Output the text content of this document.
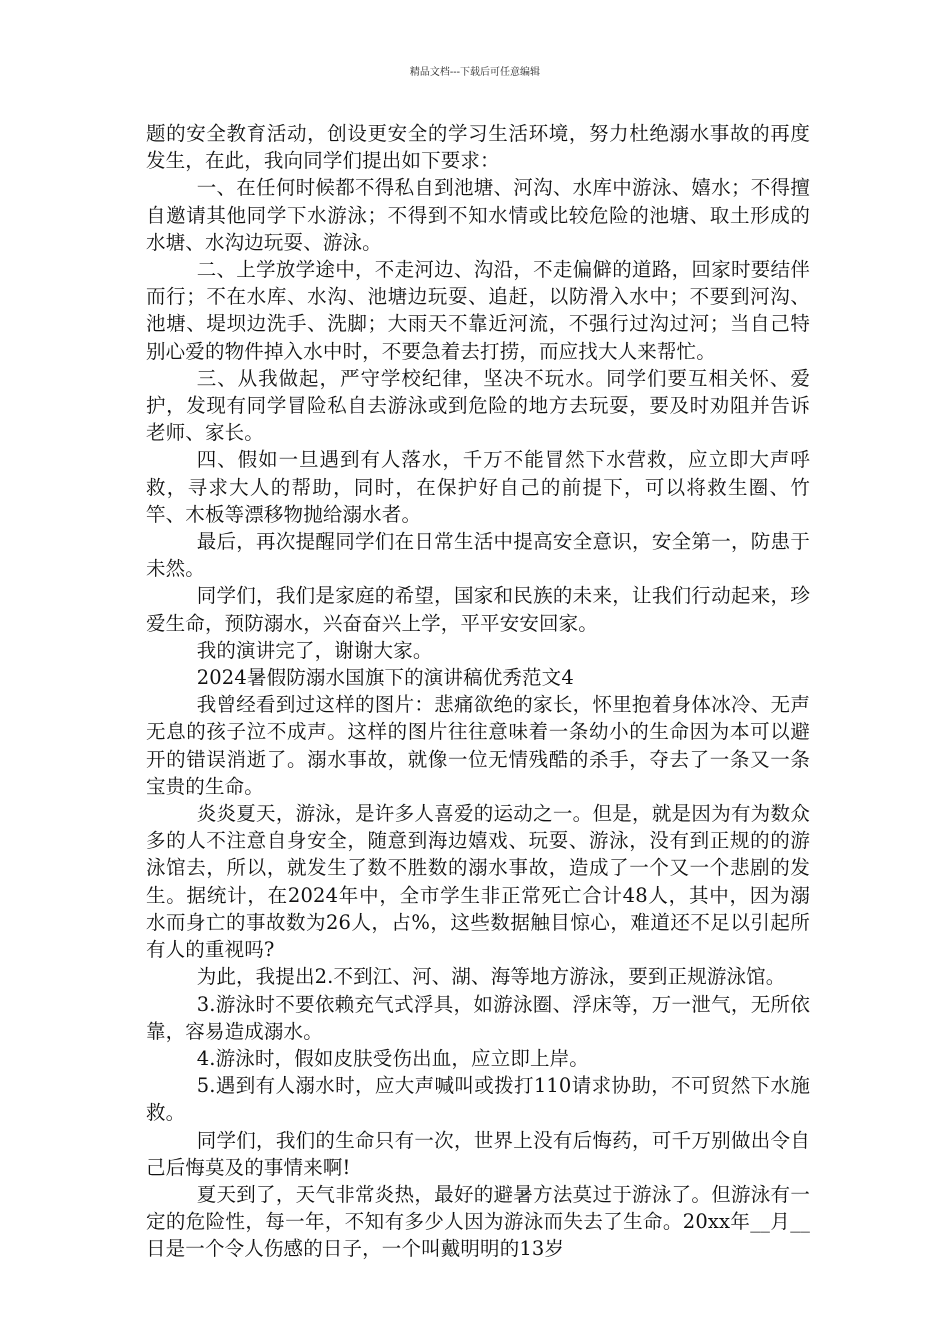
精品文档---下载后可任意编辑

题的安全教育活动，创设更安全的学习生活环境，努力杜绝溺水事故的再度发生，在此，我向同学们提出如下要求：

一、在任何时候都不得私自到池塘、河沟、水库中游泳、嬉水；不得擅自邀请其他同学下水游泳；不得到不知水情或比较危险的池塘、取土形成的水塘、水沟边玩耍、游泳。

二、上学放学途中，不走河边、沟沿，不走偏僻的道路，回家时要结伴而行；不在水库、水沟、池塘边玩耍、追赶，以防滑入水中；不要到河沟、池塘、堤坝边洗手、洗脚；大雨天不靠近河流，不强行过沟过河；当自己特别心爱的物件掉入水中时，不要急着去打捞，而应找大人来帮忙。

三、从我做起，严守学校纪律，坚决不玩水。同学们要互相关怀、爱护，发现有同学冒险私自去游泳或到危险的地方去玩耍，要及时劝阻并告诉老师、家长。

四、假如一旦遇到有人落水，千万不能冒然下水营救，应立即大声呼救，寻求大人的帮助，同时，在保护好自己的前提下，可以将救生圈、竹竿、木板等漂移物抛给溺水者。

最后，再次提醒同学们在日常生活中提高安全意识，安全第一，防患于未然。

同学们，我们是家庭的希望，国家和民族的未来，让我们行动起来，珍爱生命，预防溺水，兴奋奋兴上学，平平安安回家。

我的演讲完了，谢谢大家。

2024暑假防溺水国旗下的演讲稿优秀范文4

我曾经看到过这样的图片：悲痛欲绝的家长，怀里抱着身体冰冷、无声无息的孩子泣不成声。这样的图片往往意味着一条幼小的生命因为本可以避开的错误消逝了。溺水事故，就像一位无情残酷的杀手，夺去了一条又一条宝贵的生命。

炎炎夏天，游泳，是许多人喜爱的运动之一。但是，就是因为有为数众多的人不注意自身安全，随意到海边嬉戏、玩耍、游泳，没有到正规的的游泳馆去，所以，就发生了数不胜数的溺水事故，造成了一个又一个悲剧的发生。据统计，在2024年中，全市学生非正常死亡合计48人，其中，因为溺水而身亡的事故数为26人，占%，这些数据触目惊心，难道还不足以引起所有人的重视吗?

为此，我提出2.不到江、河、湖、海等地方游泳，要到正规游泳馆。

3.游泳时不要依赖充气式浮具，如游泳圈、浮床等，万一泄气，无所依靠，容易造成溺水。

4.游泳时，假如皮肤受伤出血，应立即上岸。

5.遇到有人溺水时，应大声喊叫或拨打110请求协助，不可贸然下水施救。

同学们，我们的生命只有一次，世界上没有后悔药，可千万别做出令自己后悔莫及的事情来啊!

夏天到了，天气非常炎热，最好的避暑方法莫过于游泳了。但游泳有一定的危险性，每一年，不知有多少人因为游泳而失去了生命。20xx年__月__日是一个令人伤感的日子，一个叫戴明明的13岁
